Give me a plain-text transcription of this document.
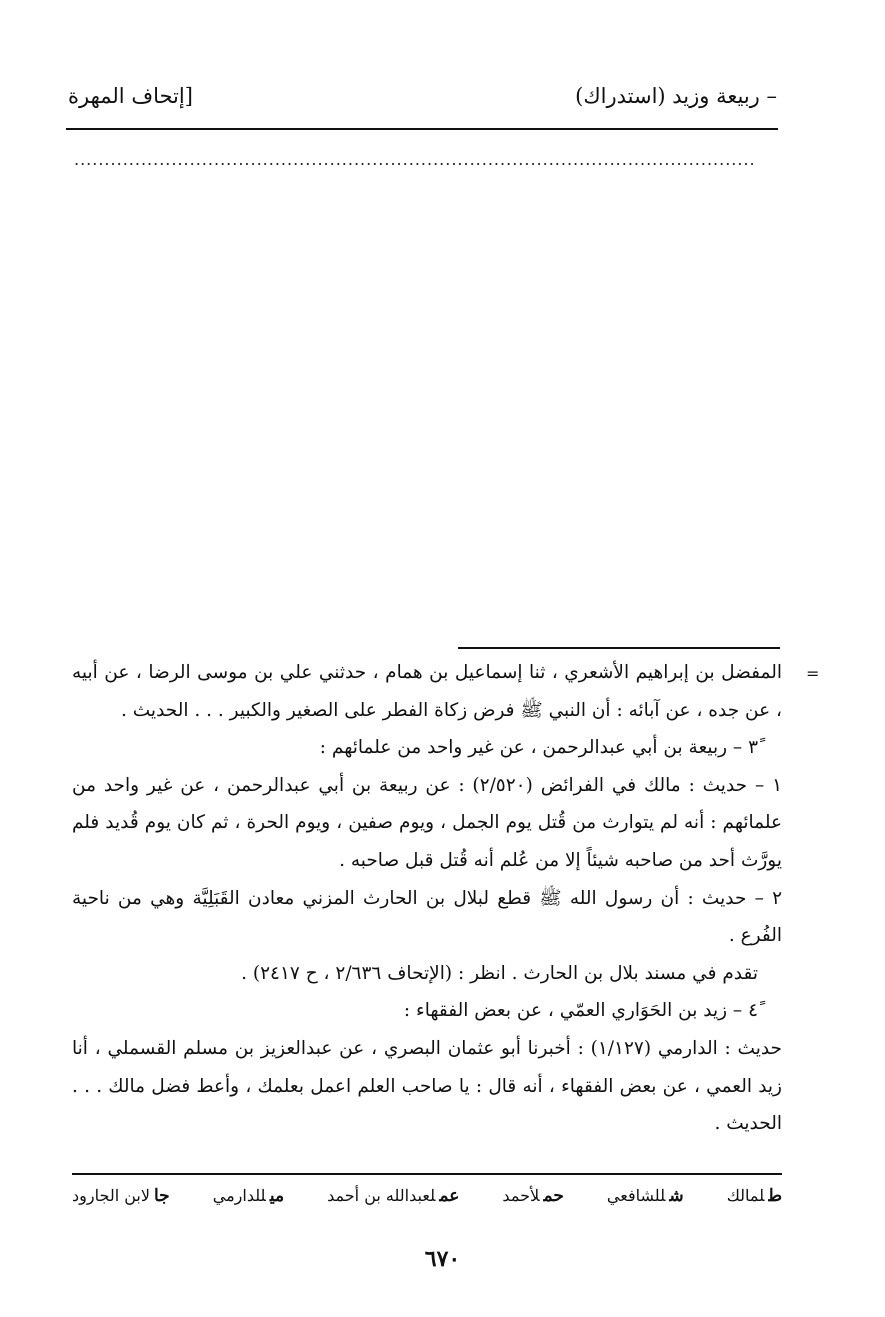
– ربيعة وزيد (استدراك)
[إتحاف المهرة
................................................................................................................
=

المفضل بن إبراهيم الأشعري ، ثنا إسماعيل بن همام ، حدثني علي بن موسى الرضا ، عن أبيه ، عن جده ، عن آبائه : أن النبي ﷺ فرض زكاة الفطر على الصغير والكبير . . . الحديث .

٣ً – ربيعة بن أبي عبدالرحمن ، عن غير واحد من علمائهم :

١ – حديث : مالك في الفرائض (٢/٥٢٠) : عن ربيعة بن أبي عبدالرحمن ، عن غير واحد من علمائهم : أنه لم يتوارث من قُتل يوم الجمل ، ويوم صفين ، ويوم الحرة ، ثم كان يوم قُديد فلم يورَّث أحد من صاحبه شيئاً إلا من عُلم أنه قُتل قبل صاحبه .

٢ – حديث : أن رسول الله ﷺ قطع لبلال بن الحارث المزني معادن القَبَلِيَّة وهي من ناحية الفُرع .

تقدم في مسند بلال بن الحارث . انظر : (الإتحاف ٢/٦٣٦ ، ح ٢٤١٧) .

٤ً – زيد بن الحَوَاري العمّي ، عن بعض الفقهاء :

حديث : الدارمي (١/١٢٧) : أخبرنا أبو عثمان البصري ، عن عبدالعزيز بن مسلم القسملي ، أنا زيد العمي ، عن بعض الفقهاء ، أنه قال : يا صاحب العلم اعمل بعلمك ، وأعط فضل مالك . . . الحديث .

طلمالك
شللشافعي
حملأحمد
عملعبدالله بن أحمد
ميللدارمي
جالابن الجارود
٦٧٠
